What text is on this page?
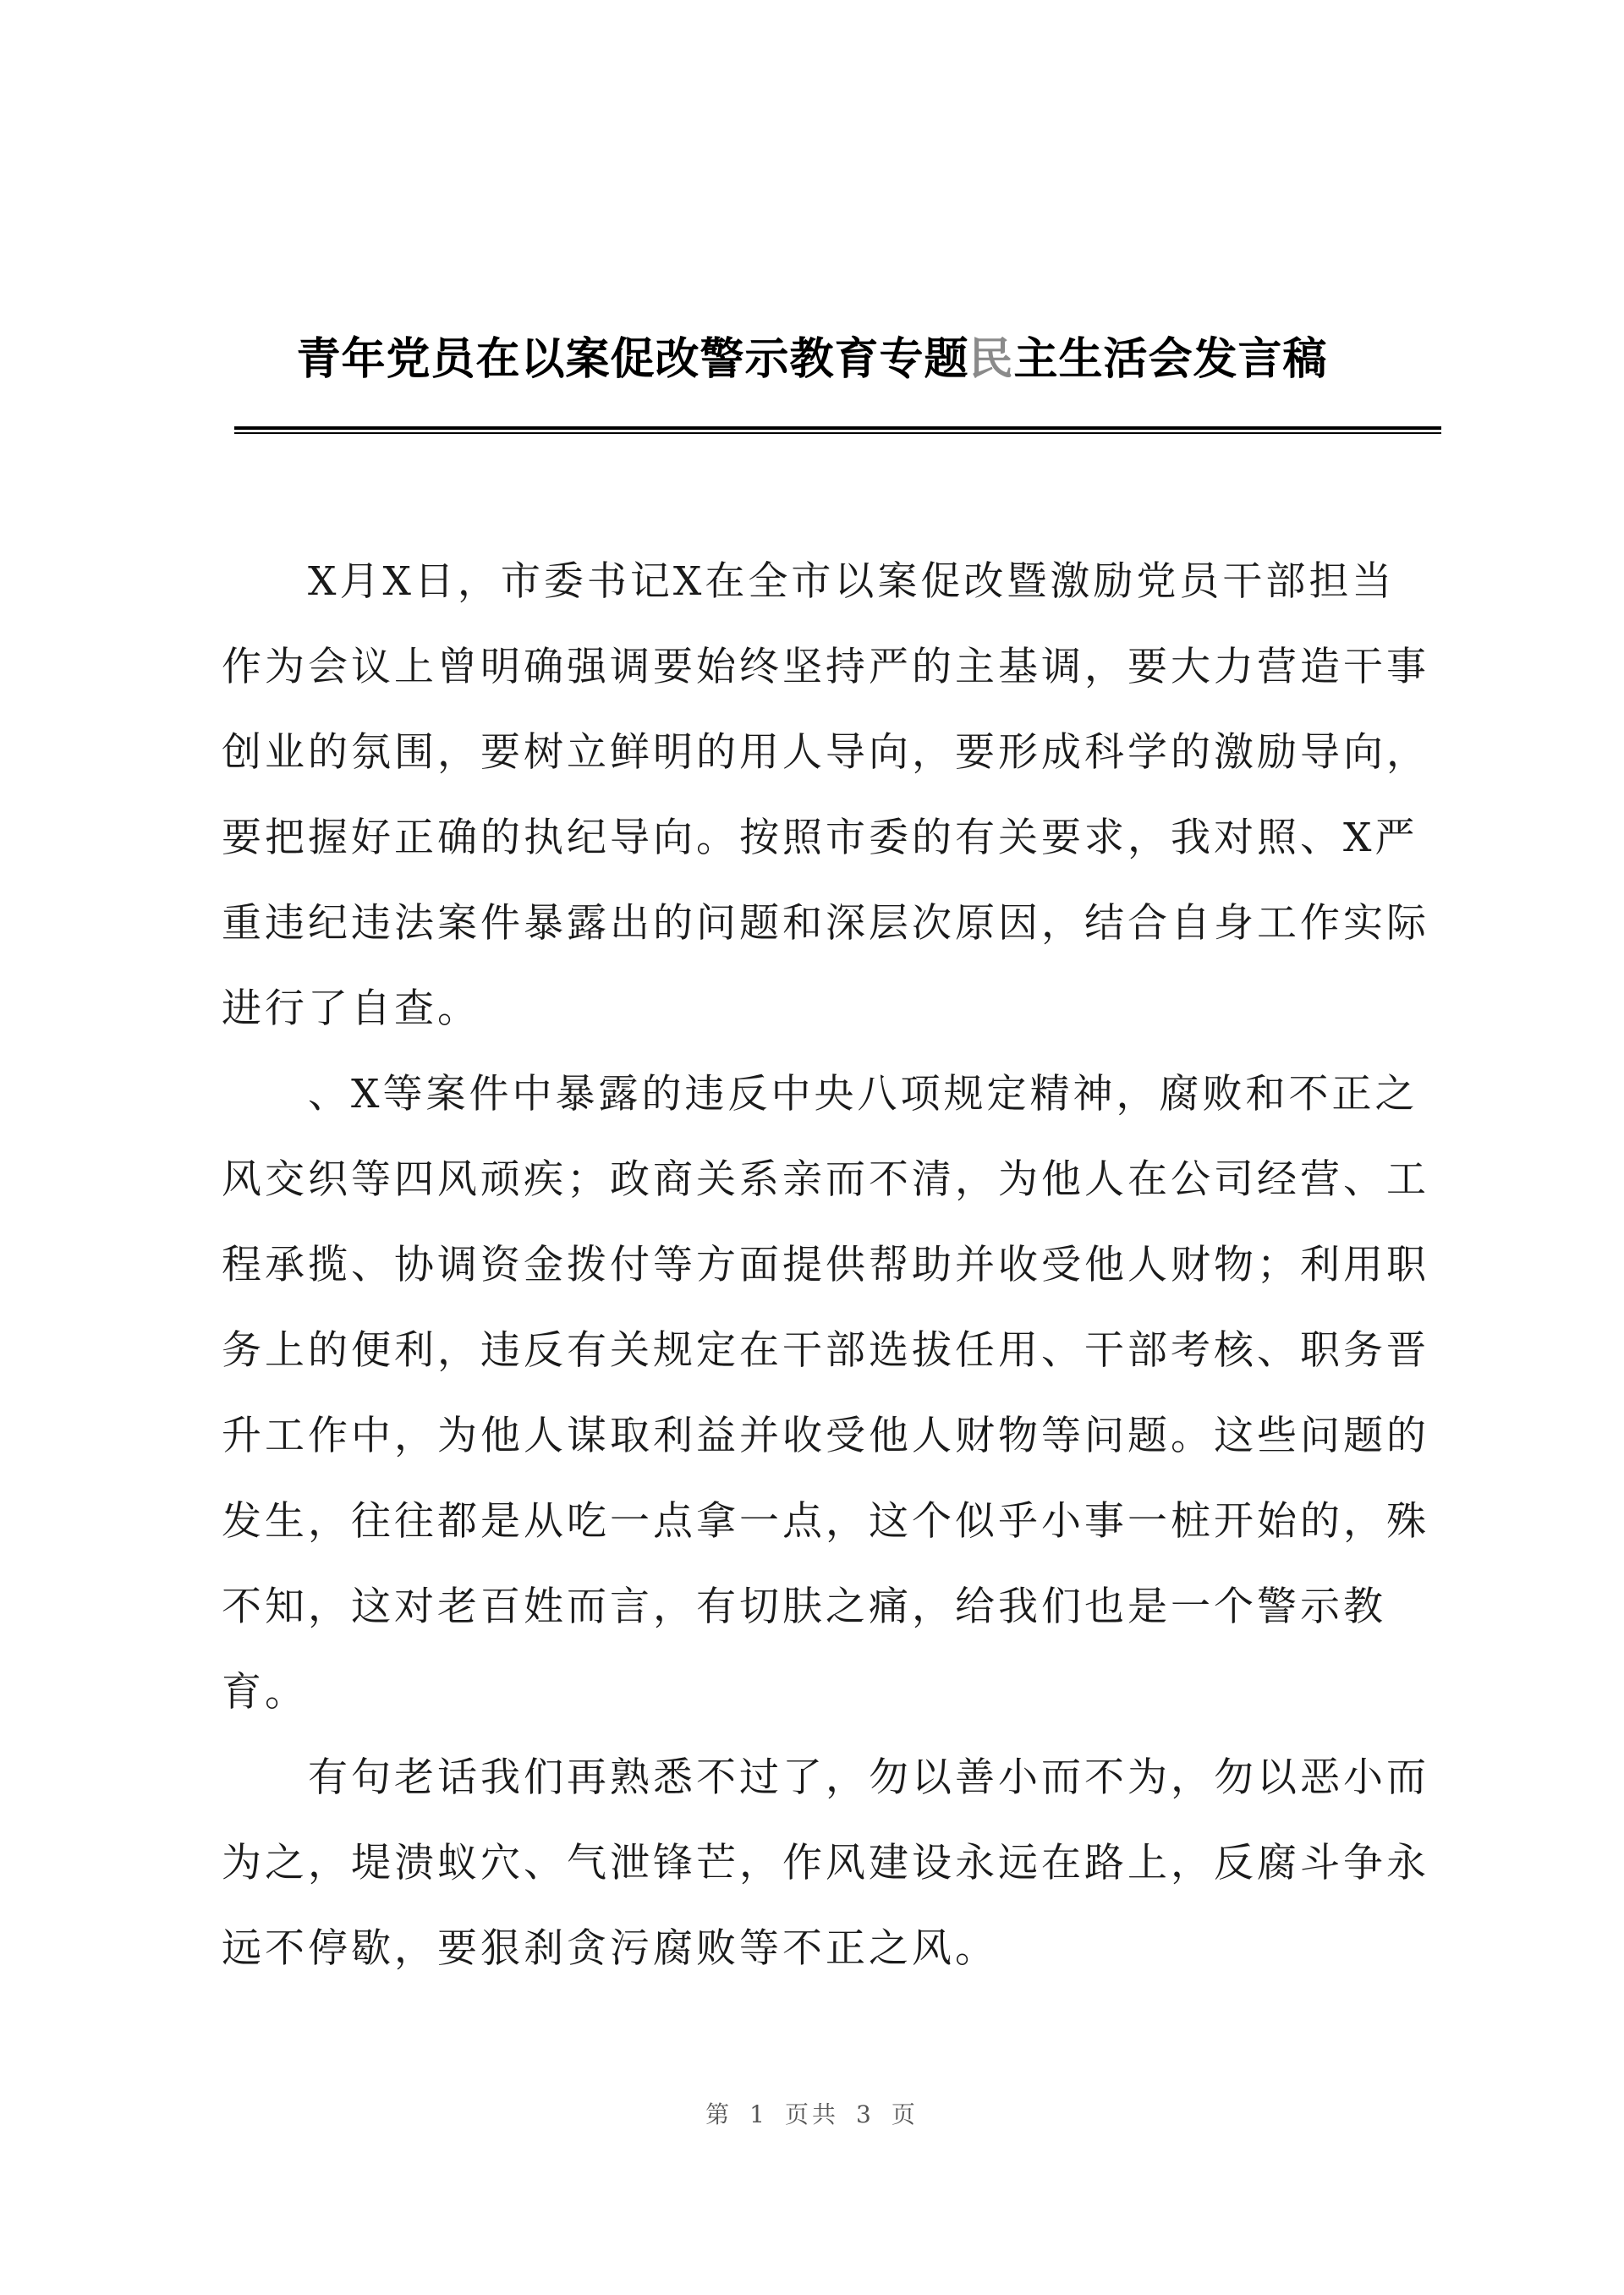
青年党员在以案促改警示教育专题民主生活会发言稿
X月X日，市委书记X在全市以案促改暨激励党员干部担当
作为会议上曾明确强调要始终坚持严的主基调，要大力营造干事
创业的氛围，要树立鲜明的用人导向，要形成科学的激励导向，
要把握好正确的执纪导向。按照市委的有关要求，我对照、X严
重违纪违法案件暴露出的问题和深层次原因，结合自身工作实际
进行了自查。
、X等案件中暴露的违反中央八项规定精神，腐败和不正之
风交织等四风顽疾；政商关系亲而不清，为他人在公司经营、工
程承揽、协调资金拨付等方面提供帮助并收受他人财物；利用职
务上的便利，违反有关规定在干部选拔任用、干部考核、职务晋
升工作中，为他人谋取利益并收受他人财物等问题。这些问题的
发生，往往都是从吃一点拿一点，这个似乎小事一桩开始的，殊
不知，这对老百姓而言，有切肤之痛，给我们也是一个警示教
育。
有句老话我们再熟悉不过了，勿以善小而不为，勿以恶小而
为之，堤溃蚁穴、气泄锋芒，作风建设永远在路上，反腐斗争永
远不停歇，要狠刹贪污腐败等不正之风。
第 1 页共 3 页
